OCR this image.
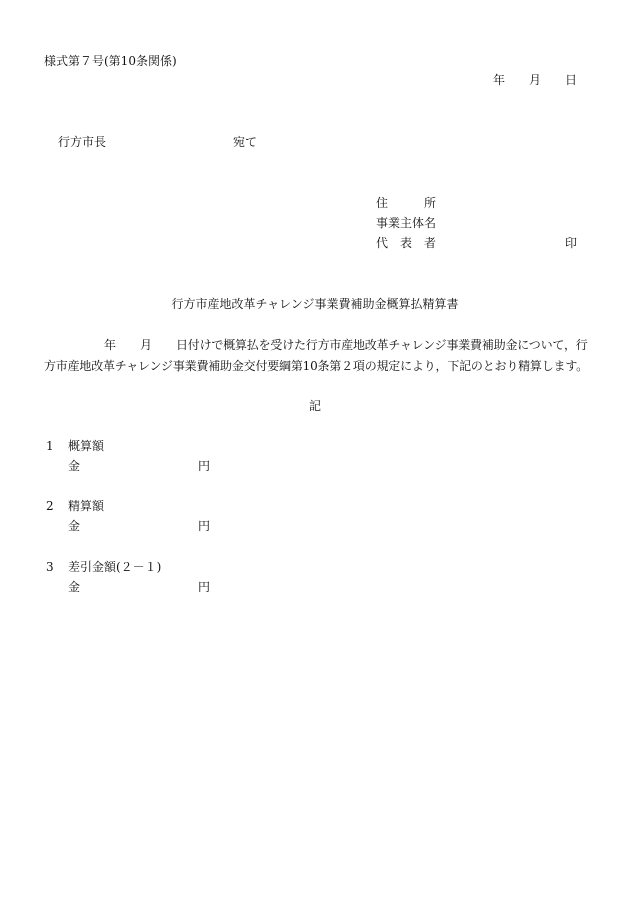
様式第７号(第10条関係)
年 月 日
行方市長	宛て
住	所
事業主体名
代 表 者	印
行方市産地改革チャレンジ事業費補助金概算払精算書
年 月 日付けで概算払を受けた行方市産地改革チャレンジ事業費補助金について，行
方市産地改革チャレンジ事業費補助金交付要綱第10条第２項の規定により，下記のとおり精算します。
記
1 概算額
金	円
2 精算額
金	円
3 差引金額(２－１)
金	円
